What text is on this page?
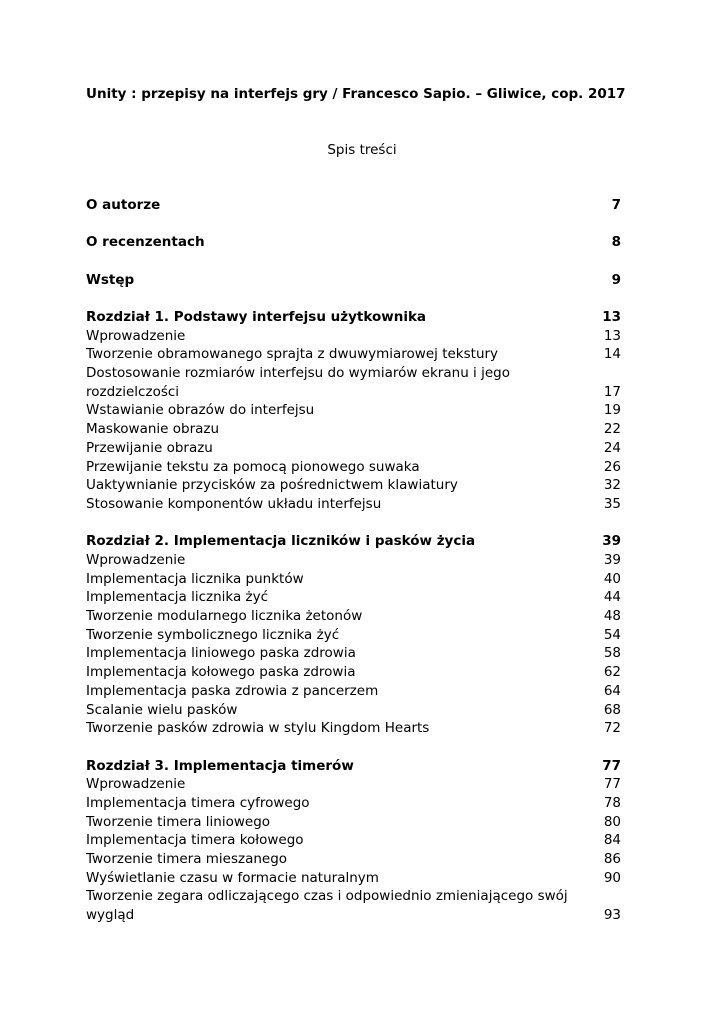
Unity : przepisy na interfejs gry / Francesco Sapio. – Gliwice, cop. 2017
Spis treści
O autorze	7
O recenzentach	8
Wstęp	9
Rozdział 1. Podstawy interfejsu użytkownika	13
Wprowadzenie	13
Tworzenie obramowanego sprajta z dwuwymiarowej tekstury	14
Dostosowanie rozmiarów interfejsu do wymiarów ekranu i jego rozdzielczości	17
Wstawianie obrazów do interfejsu	19
Maskowanie obrazu	22
Przewijanie obrazu	24
Przewijanie tekstu za pomocą pionowego suwaka	26
Uaktywnianie przycisków za pośrednictwem klawiatury	32
Stosowanie komponentów układu interfejsu	35
Rozdział 2. Implementacja liczników i pasków życia	39
Wprowadzenie	39
Implementacja licznika punktów	40
Implementacja licznika żyć	44
Tworzenie modularnego licznika żetonów	48
Tworzenie symbolicznego licznika żyć	54
Implementacja liniowego paska zdrowia	58
Implementacja kołowego paska zdrowia	62
Implementacja paska zdrowia z pancerzem	64
Scalanie wielu pasków	68
Tworzenie pasków zdrowia w stylu Kingdom Hearts	72
Rozdział 3. Implementacja timerów	77
Wprowadzenie	77
Implementacja timera cyfrowego	78
Tworzenie timera liniowego	80
Implementacja timera kołowego	84
Tworzenie timera mieszanego	86
Wyświetlanie czasu w formacie naturalnym	90
Tworzenie zegara odliczającego czas i odpowiednio zmieniającego swój wygląd	93
